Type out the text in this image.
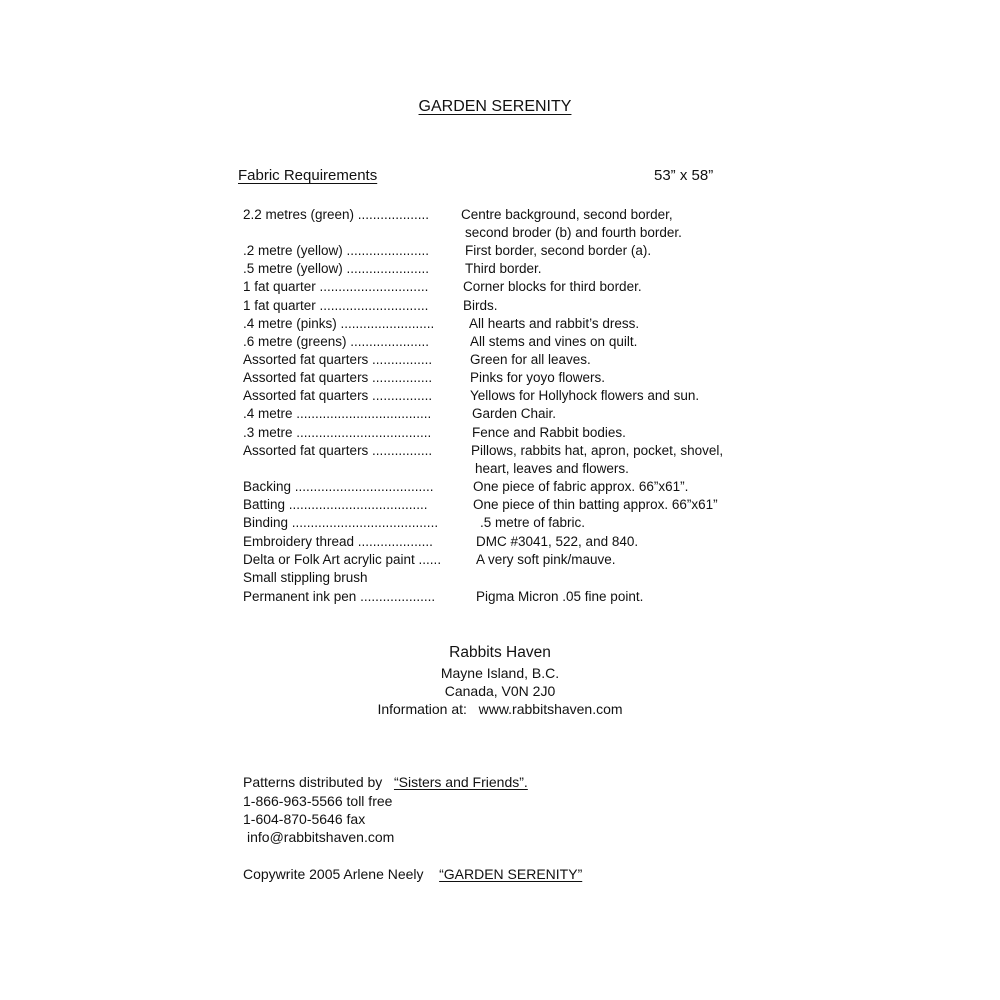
GARDEN SERENITY
Fabric Requirements	53” x 58”
2.2 metres (green) ................... Centre background, second border,
second broder (b) and fourth border.
.2 metre (yellow) ......................	First border, second border (a).
.5 metre (yellow) ......................	Third border.
1 fat quarter .............................	Corner blocks for third border.
1 fat quarter .............................	Birds.
.4 metre (pinks) .........................	All hearts and rabbit’s dress.
.6 metre (greens) .....................	All stems and vines on quilt.
Assorted fat quarters ................	Green for all leaves.
Assorted fat quarters ................	Pinks for yoyo flowers.
Assorted fat quarters ................	Yellows for Hollyhock flowers and sun.
.4 metre ....................................	Garden Chair.
.3 metre ....................................	Fence and Rabbit bodies.
Assorted fat quarters ................	Pillows, rabbits hat, apron, pocket, shovel,
heart, leaves and flowers.
Backing .....................................	One piece of fabric approx. 66”x61”.
Batting .....................................	One piece of thin batting approx. 66”x61”
Binding .......................................	.5 metre of fabric.
Embroidery thread ....................	DMC #3041, 522, and 840.
Delta or Folk Art acrylic paint ......	A very soft pink/mauve.
Small stippling brush
Permanent ink pen ....................	Pigma Micron .05 fine point.
Rabbits Haven
Mayne Island, B.C.
Canada, V0N 2J0
Information at: www.rabbitshaven.com
Patterns distributed by “Sisters and Friends”.
1-866-963-5566 toll free
1-604-870-5646 fax
info@rabbitshaven.com
Copywrite 2005 Arlene Neely “GARDEN SERENITY”
